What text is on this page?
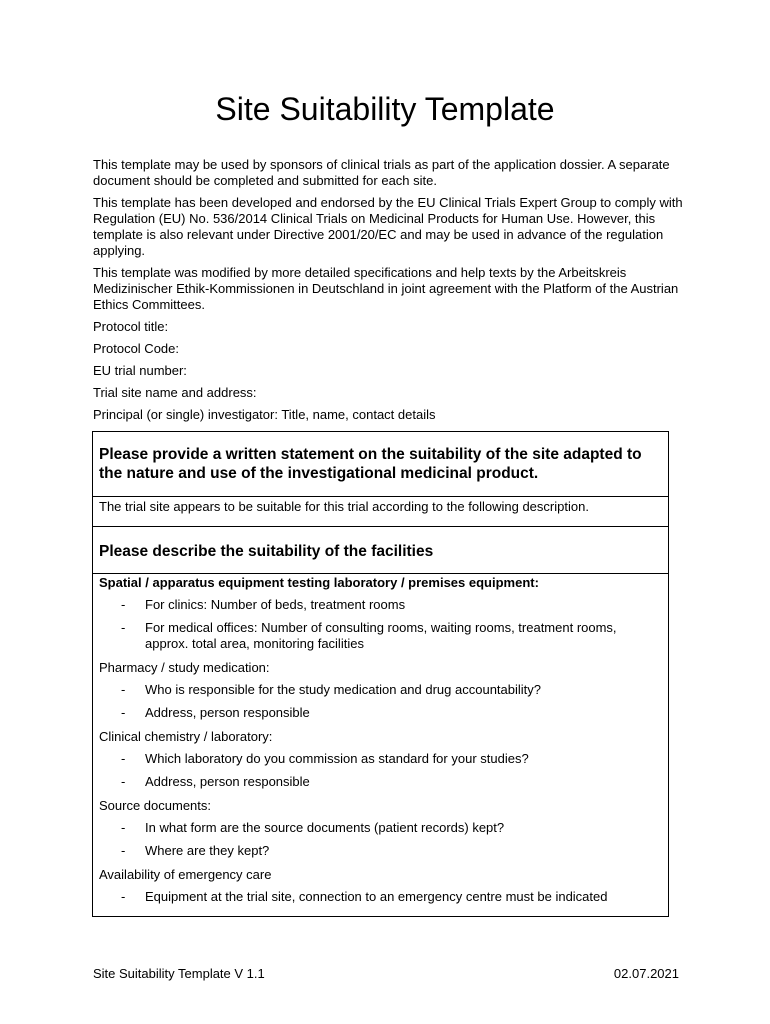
Site Suitability Template

This template may be used by sponsors of clinical trials as part of the application dossier. A separate document should be completed and submitted for each site.

This template has been developed and endorsed by the EU Clinical Trials Expert Group to comply with Regulation (EU) No. 536/2014 Clinical Trials on Medicinal Products for Human Use. However, this template is also relevant under Directive 2001/20/EC and may be used in advance of the regulation applying.

This template was modified by more detailed specifications and help texts by the Arbeitskreis Medizinischer Ethik-Kommissionen in Deutschland in joint agreement with the Platform of the Austrian Ethics Committees.

Protocol title:
Protocol Code:
EU trial number:
Trial site name and address:
Principal (or single) investigator: Title, name, contact details
Please provide a written statement on the suitability of the site adapted to the nature and use of the investigational medicinal product.
The trial site appears to be suitable for this trial according to the following description.
Please describe the suitability of the facilities
Spatial / apparatus equipment testing laboratory / premises equipment:
-	For clinics: Number of beds, treatment rooms
-	For medical offices: Number of consulting rooms, waiting rooms, treatment rooms, approx. total area, monitoring facilities
Pharmacy / study medication:
-	Who is responsible for the study medication and drug accountability?
-	Address, person responsible
Clinical chemistry / laboratory:
-	Which laboratory do you commission as standard for your studies?
-	Address, person responsible
Source documents:
-	In what form are the source documents (patient records) kept?
-	Where are they kept?
Availability of emergency care
-	Equipment at the trial site, connection to an emergency centre must be indicated
Site Suitability Template V 1.1	02.07.2021
